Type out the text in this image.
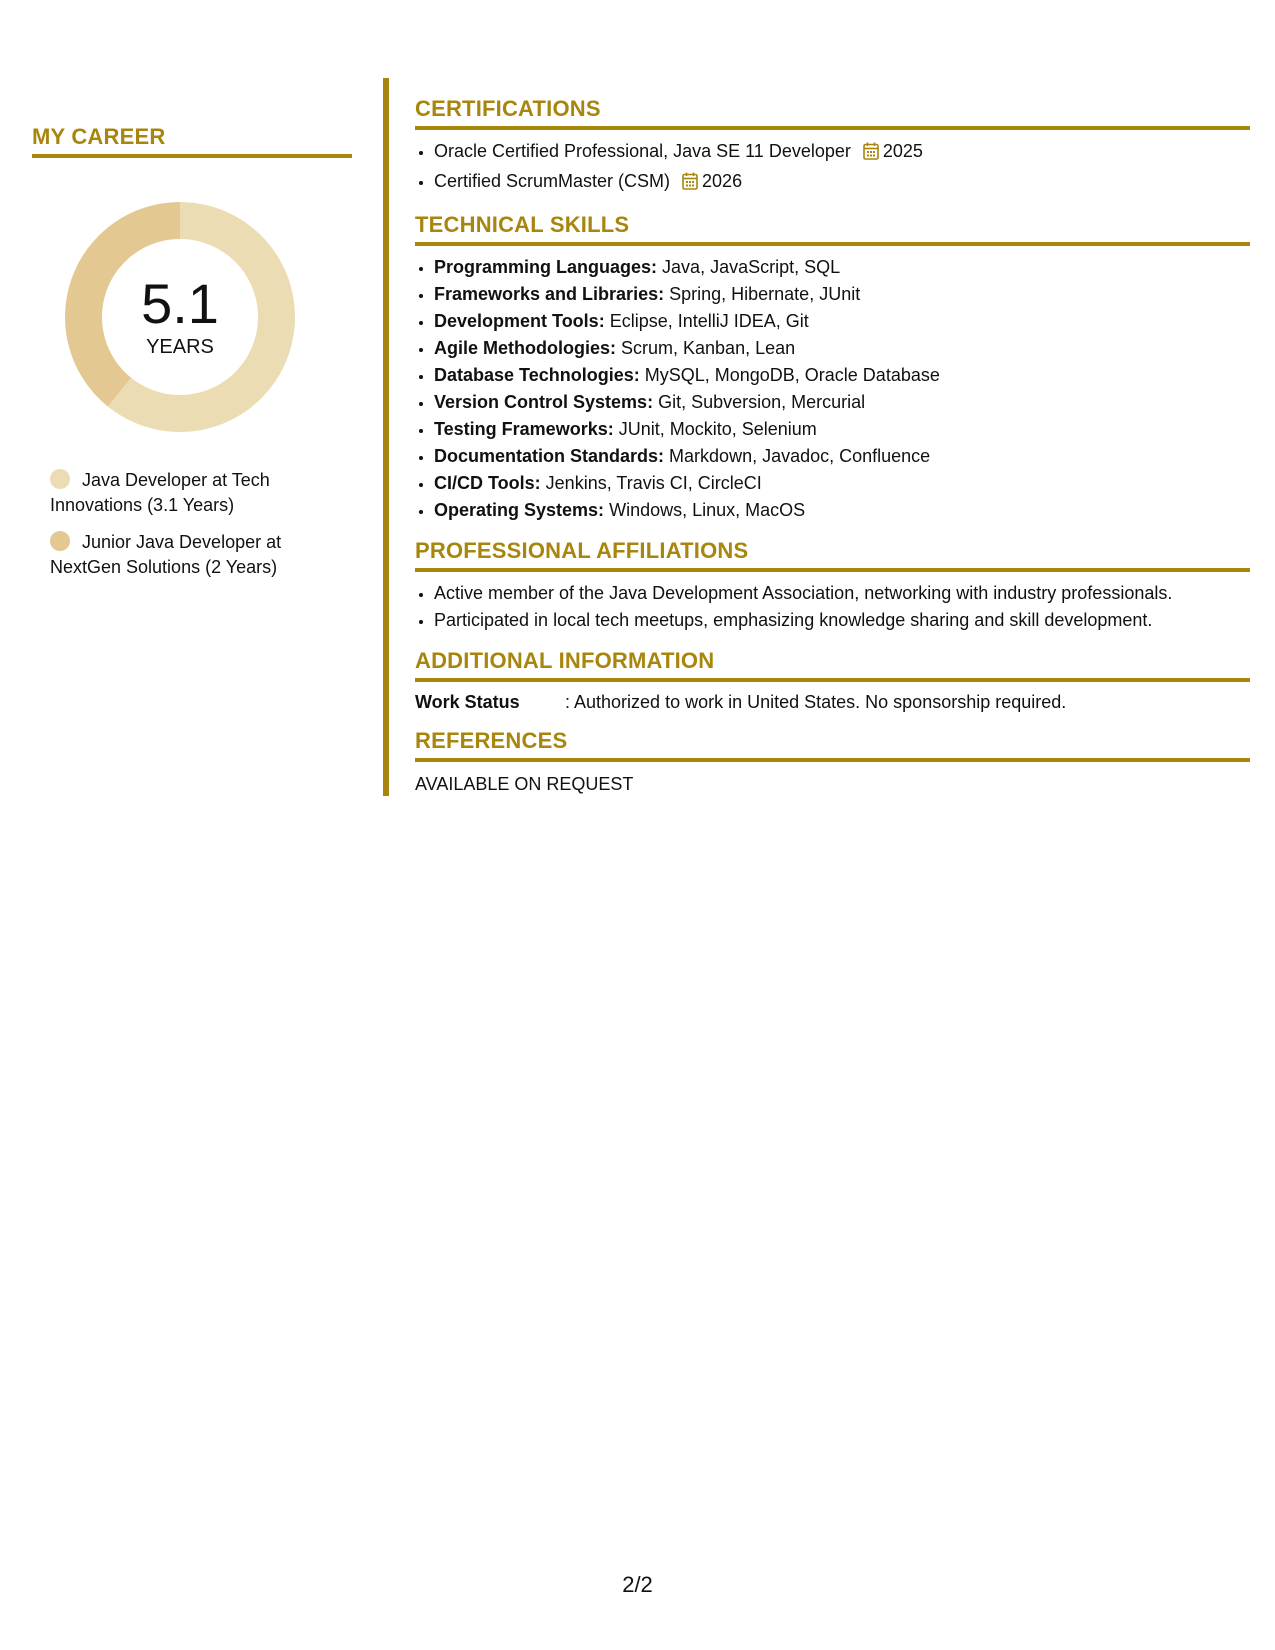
MY CAREER
5.1
YEARS
Java Developer at Tech Innovations (3.1 Years)
Junior Java Developer at NextGen Solutions (2 Years)
CERTIFICATIONS
• Oracle Certified Professional, Java SE 11 Developer 2025
• Certified ScrumMaster (CSM) 2026
TECHNICAL SKILLS
• Programming Languages: Java, JavaScript, SQL
• Frameworks and Libraries: Spring, Hibernate, JUnit
• Development Tools: Eclipse, IntelliJ IDEA, Git
• Agile Methodologies: Scrum, Kanban, Lean
• Database Technologies: MySQL, MongoDB, Oracle Database
• Version Control Systems: Git, Subversion, Mercurial
• Testing Frameworks: JUnit, Mockito, Selenium
• Documentation Standards: Markdown, Javadoc, Confluence
• CI/CD Tools: Jenkins, Travis CI, CircleCI
• Operating Systems: Windows, Linux, MacOS
PROFESSIONAL AFFILIATIONS
• Active member of the Java Development Association, networking with industry professionals.
• Participated in local tech meetups, emphasizing knowledge sharing and skill development.
ADDITIONAL INFORMATION
Work Status	: Authorized to work in United States. No sponsorship required.
REFERENCES
AVAILABLE ON REQUEST
2/2
